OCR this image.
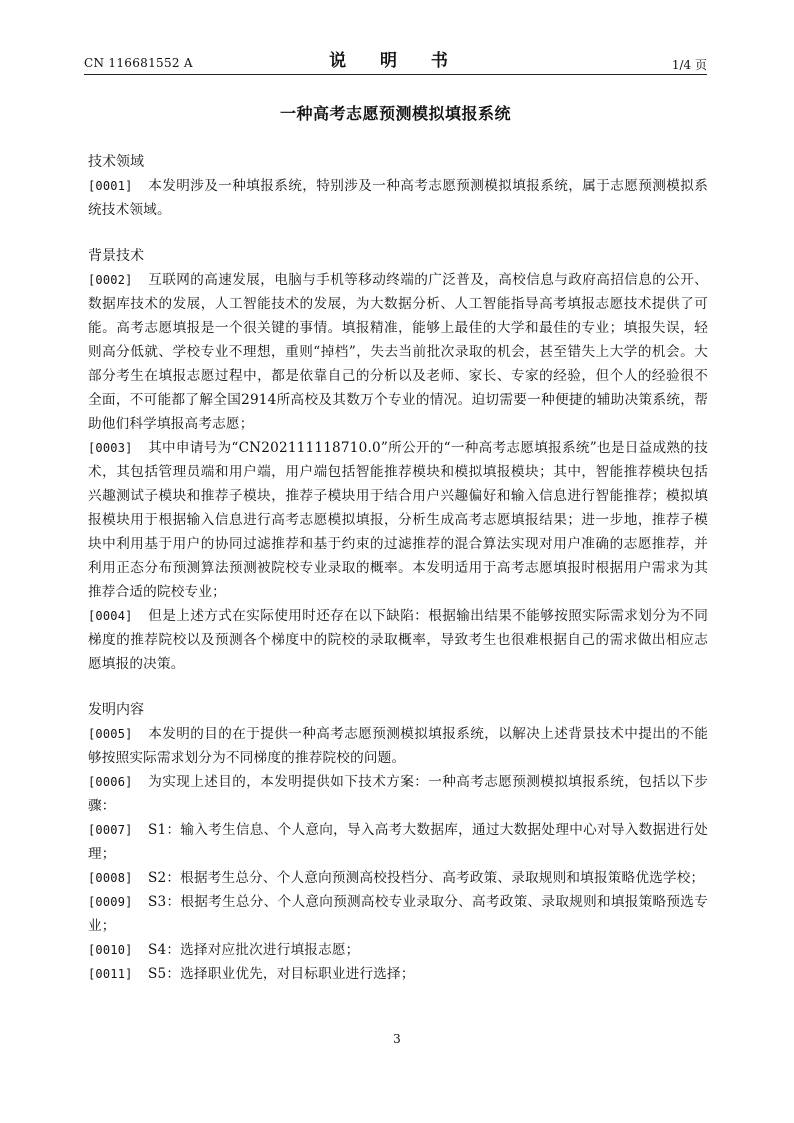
CN 116681552 A	说 明 书	1/4 页
一种高考志愿预测模拟填报系统
技术领域

[0001] 本发明涉及一种填报系统，特别涉及一种高考志愿预测模拟填报系统，属于志愿预测模拟系统技术领域。

背景技术

[0002] 互联网的高速发展，电脑与手机等移动终端的广泛普及，高校信息与政府高招信息的公开、数据库技术的发展，人工智能技术的发展，为大数据分析、人工智能指导高考填报志愿技术提供了可能。高考志愿填报是一个很关键的事情。填报精准，能够上最佳的大学和最佳的专业；填报失误，轻则高分低就、学校专业不理想，重则“掉档”，失去当前批次录取的机会，甚至错失上大学的机会。大部分考生在填报志愿过程中，都是依靠自己的分析以及老师、家长、专家的经验，但个人的经验很不全面，不可能都了解全国2914所高校及其数万个专业的情况。迫切需要一种便捷的辅助决策系统，帮助他们科学填报高考志愿；

[0003] 其中申请号为“CN202111118710.0”所公开的“一种高考志愿填报系统”也是日益成熟的技术，其包括管理员端和用户端，用户端包括智能推荐模块和模拟填报模块；其中，智能推荐模块包括兴趣测试子模块和推荐子模块，推荐子模块用于结合用户兴趣偏好和输入信息进行智能推荐；模拟填报模块用于根据输入信息进行高考志愿模拟填报，分析生成高考志愿填报结果；进一步地，推荐子模块中利用基于用户的协同过滤推荐和基于约束的过滤推荐的混合算法实现对用户准确的志愿推荐，并利用正态分布预测算法预测被院校专业录取的概率。本发明适用于高考志愿填报时根据用户需求为其推荐合适的院校专业；

[0004] 但是上述方式在实际使用时还存在以下缺陷：根据输出结果不能够按照实际需求划分为不同梯度的推荐院校以及预测各个梯度中的院校的录取概率，导致考生也很难根据自己的需求做出相应志愿填报的决策。

发明内容

[0005] 本发明的目的在于提供一种高考志愿预测模拟填报系统，以解决上述背景技术中提出的不能够按照实际需求划分为不同梯度的推荐院校的问题。

[0006] 为实现上述目的，本发明提供如下技术方案：一种高考志愿预测模拟填报系统，包括以下步骤：

[0007] S1：输入考生信息、个人意向，导入高考大数据库，通过大数据处理中心对导入数据进行处理；

[0008] S2：根据考生总分、个人意向预测高校投档分、高考政策、录取规则和填报策略优选学校；

[0009] S3：根据考生总分、个人意向预测高校专业录取分、高考政策、录取规则和填报策略预选专业；

[0010] S4：选择对应批次进行填报志愿；

[0011] S5：选择职业优先，对目标职业进行选择；

3
